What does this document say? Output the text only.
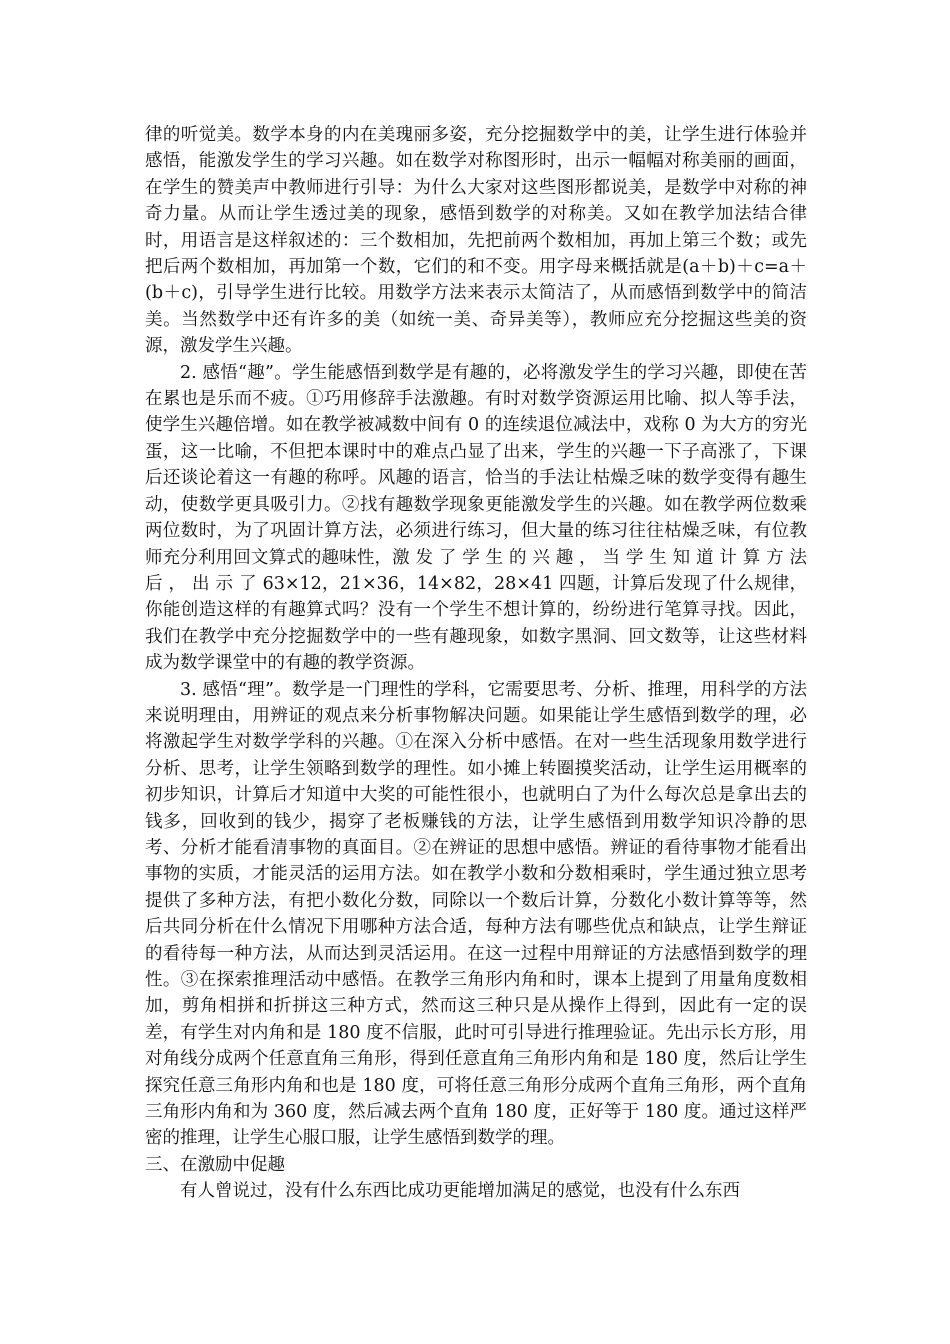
律的听觉美。数学本身的内在美瑰丽多姿，充分挖掘数学中的美，让学生进行体验并感悟，能激发学生的学习兴趣。如在数学对称图形时，出示一幅幅对称美丽的画面，在学生的赞美声中教师进行引导：为什么大家对这些图形都说美，是数学中对称的神奇力量。从而让学生透过美的现象，感悟到数学的对称美。又如在教学加法结合律时，用语言是这样叙述的：三个数相加，先把前两个数相加，再加上第三个数；或先把后两个数相加，再加第一个数，它们的和不变。用字母来概括就是(a＋b)＋c=a＋(b＋c)，引导学生进行比较。用数学方法来表示太简洁了，从而感悟到数学中的简洁美。当然数学中还有许多的美（如统一美、奇异美等），教师应充分挖掘这些美的资源，激发学生兴趣。

2. 感悟“趣”。学生能感悟到数学是有趣的，必将激发学生的学习兴趣，即使在苦在累也是乐而不疲。①巧用修辞手法激趣。有时对数学资源运用比喻、拟人等手法，使学生兴趣倍增。如在教学被减数中间有 0 的连续退位减法中，戏称 0 为大方的穷光蛋，这一比喻，不但把本课时中的难点凸显了出来，学生的兴趣一下子高涨了，下课后还谈论着这一有趣的称呼。风趣的语言，恰当的手法让枯燥乏味的数学变得有趣生动，使数学更具吸引力。②找有趣数学现象更能激发学生的兴趣。如在教学两位数乘两位数时，为了巩固计算方法，必须进行练习，但大量的练习往往枯燥乏味，有位教师充分利用回文算式的趣味性，激 发 了 学 生 的 兴 趣 ， 当 学 生 知 道 计 算 方 法 后 ， 出 示 了 63×12，21×36，14×82，28×41 四题，计算后发现了什么规律，你能创造这样的有趣算式吗？没有一个学生不想计算的，纷纷进行笔算寻找。因此，我们在教学中充分挖掘数学中的一些有趣现象，如数字黑洞、回文数等，让这些材料成为数学课堂中的有趣的教学资源。

3. 感悟“理”。数学是一门理性的学科，它需要思考、分析、推理，用科学的方法来说明理由，用辨证的观点来分析事物解决问题。如果能让学生感悟到数学的理，必将激起学生对数学学科的兴趣。①在深入分析中感悟。在对一些生活现象用数学进行分析、思考，让学生领略到数学的理性。如小摊上转圈摸奖活动，让学生运用概率的初步知识，计算后才知道中大奖的可能性很小，也就明白了为什么每次总是拿出去的钱多，回收到的钱少，揭穿了老板赚钱的方法，让学生感悟到用数学知识冷静的思考、分析才能看清事物的真面目。②在辨证的思想中感悟。辨证的看待事物才能看出事物的实质，才能灵活的运用方法。如在教学小数和分数相乘时，学生通过独立思考提供了多种方法，有把小数化分数，同除以一个数后计算，分数化小数计算等等，然后共同分析在什么情况下用哪种方法合适，每种方法有哪些优点和缺点，让学生辩证的看待每一种方法，从而达到灵活运用。在这一过程中用辩证的方法感悟到数学的理性。③在探索推理活动中感悟。在教学三角形内角和时，课本上提到了用量角度数相加，剪角相拼和折拼这三种方式，然而这三种只是从操作上得到，因此有一定的误差，有学生对内角和是 180 度不信服，此时可引导进行推理验证。先出示长方形，用对角线分成两个任意直角三角形，得到任意直角三角形内角和是 180 度，然后让学生探究任意三角形内角和也是 180 度，可将任意三角形分成两个直角三角形，两个直角三角形内角和为 360 度，然后减去两个直角 180 度，正好等于 180 度。通过这样严密的推理，让学生心服口服，让学生感悟到数学的理。

三、在激励中促趣

有人曾说过，没有什么东西比成功更能增加满足的感觉，也没有什么东西
